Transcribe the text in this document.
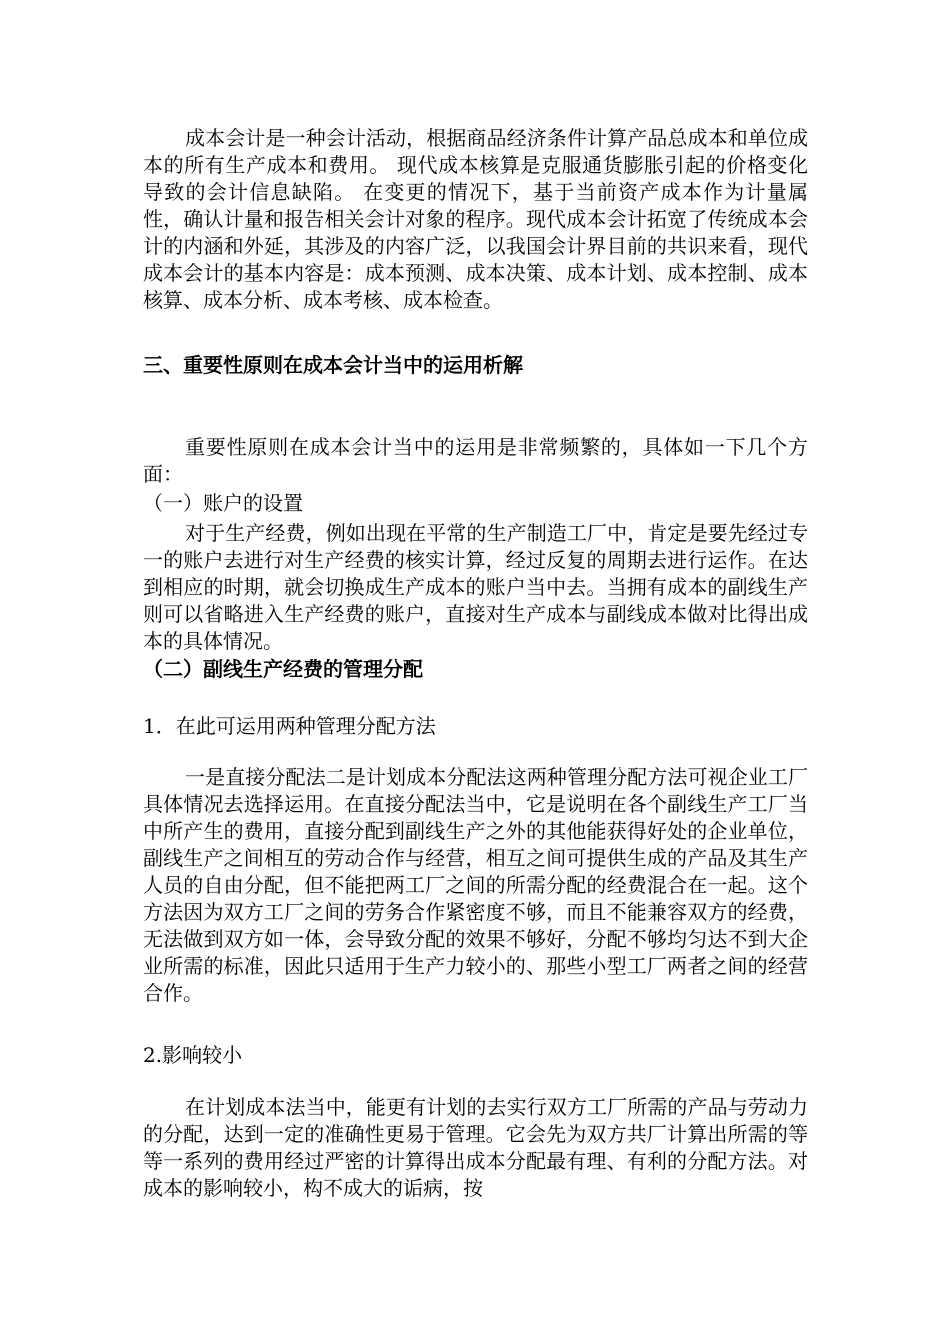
成本会计是一种会计活动，根据商品经济条件计算产品总成本和单位成本的所有生产成本和费用。 现代成本核算是克服通货膨胀引起的价格变化导致的会计信息缺陷。 在变更的情况下，基于当前资产成本作为计量属性，确认计量和报告相关会计对象的程序。现代成本会计拓宽了传统成本会计的内涵和外延，其涉及的内容广泛，以我国会计界目前的共识来看，现代成本会计的基本内容是：成本预测、成本决策、成本计划、成本控制、成本核算、成本分析、成本考核、成本检查。

三、重要性原则在成本会计当中的运用析解

重要性原则在成本会计当中的运用是非常频繁的，具体如一下几个方面：

（一）账户的设置

对于生产经费，例如出现在平常的生产制造工厂中，肯定是要先经过专一的账户去进行对生产经费的核实计算，经过反复的周期去进行运作。在达到相应的时期，就会切换成生产成本的账户当中去。当拥有成本的副线生产则可以省略进入生产经费的账户，直接对生产成本与副线成本做对比得出成本的具体情况。

（二）副线生产经费的管理分配

1．在此可运用两种管理分配方法

一是直接分配法二是计划成本分配法这两种管理分配方法可视企业工厂具体情况去选择运用。在直接分配法当中，它是说明在各个副线生产工厂当中所产生的费用，直接分配到副线生产之外的其他能获得好处的企业单位，副线生产之间相互的劳动合作与经营，相互之间可提供生成的产品及其生产人员的自由分配，但不能把两工厂之间的所需分配的经费混合在一起。这个方法因为双方工厂之间的劳务合作紧密度不够，而且不能兼容双方的经费，无法做到双方如一体，会导致分配的效果不够好，分配不够均匀达不到大企业所需的标准，因此只适用于生产力较小的、那些小型工厂两者之间的经营合作。

2.影响较小

在计划成本法当中，能更有计划的去实行双方工厂所需的产品与劳动力的分配，达到一定的准确性更易于管理。它会先为双方共厂计算出所需的等等一系列的费用经过严密的计算得出成本分配最有理、有利的分配方法。对成本的影响较小，构不成大的诟病，按
